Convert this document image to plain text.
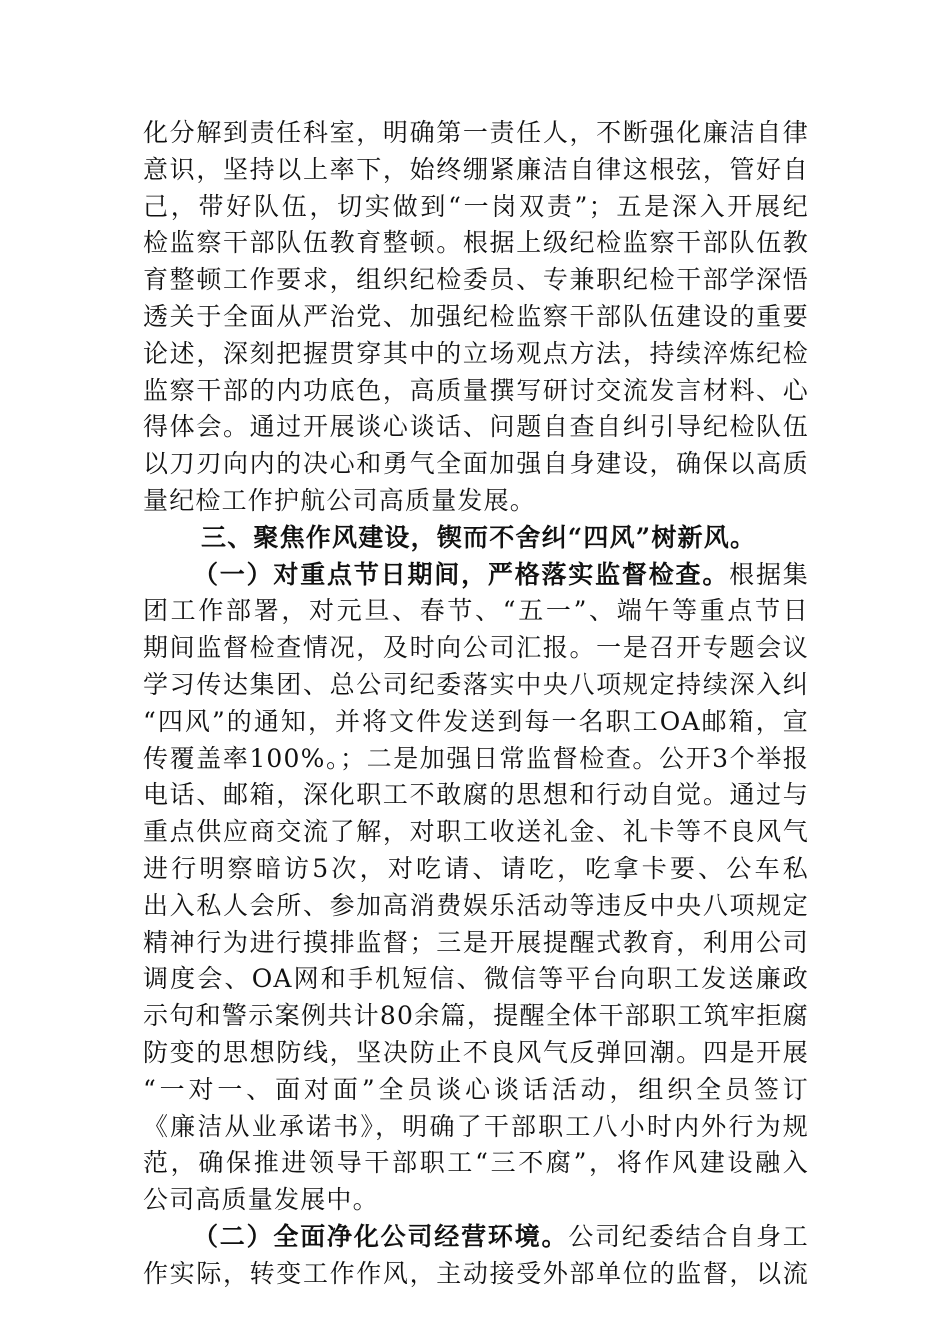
化分解到责任科室，明确第一责任人，不断强化廉洁自律
意识，坚持以上率下，始终绷紧廉洁自律这根弦，管好自
己，带好队伍，切实做到“一岗双责”；五是深入开展纪
检监察干部队伍教育整顿。根据上级纪检监察干部队伍教
育整顿工作要求，组织纪检委员、专兼职纪检干部学深悟
透关于全面从严治党、加强纪检监察干部队伍建设的重要
论述，深刻把握贯穿其中的立场观点方法，持续淬炼纪检
监察干部的内功底色，高质量撰写研讨交流发言材料、心
得体会。通过开展谈心谈话、问题自查自纠引导纪检队伍
以刀刃向内的决心和勇气全面加强自身建设，确保以高质
量纪检工作护航公司高质量发展。
三、聚焦作风建设，锲而不舍纠“四风”树新风。
（一）对重点节日期间，严格落实监督检查。根据集
团工作部署，对元旦、春节、“五一”、端午等重点节日
期间监督检查情况，及时向公司汇报。一是召开专题会议
学习传达集团、总公司纪委落实中央八项规定持续深入纠
“四风”的通知，并将文件发送到每一名职工OA邮箱，宣
传覆盖率100%。；二是加强日常监督检查。公开3个举报
电话、邮箱，深化职工不敢腐的思想和行动自觉。通过与
重点供应商交流了解，对职工收送礼金、礼卡等不良风气
进行明察暗访5次，对吃请、请吃，吃拿卡要、公车私
出入私人会所、参加高消费娱乐活动等违反中央八项规定
精神行为进行摸排监督；三是开展提醒式教育，利用公司
调度会、OA网和手机短信、微信等平台向职工发送廉政
示句和警示案例共计80余篇，提醒全体干部职工筑牢拒腐
防变的思想防线，坚决防止不良风气反弹回潮。四是开展
“一对一、面对面”全员谈心谈话活动，组织全员签订
《廉洁从业承诺书》，明确了干部职工八小时内外行为规
范，确保推进领导干部职工“三不腐”，将作风建设融入
公司高质量发展中。
（二）全面净化公司经营环境。公司纪委结合自身工
作实际，转变工作作风，主动接受外部单位的监督，以流
